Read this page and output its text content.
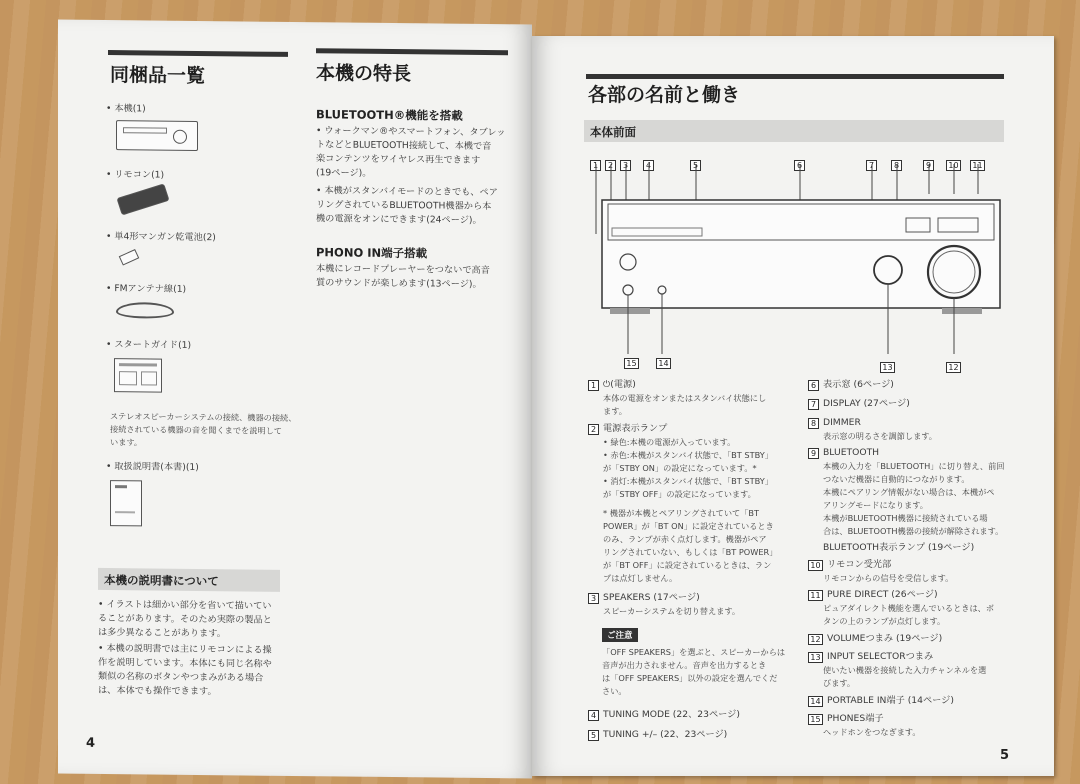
同梱品一覧
• 本機(1)
• リモコン(1)
• 単4形マンガン乾電池(2)
• FMアンテナ線(1)
• スタートガイド(1)
ステレオスピーカーシステムの接続、機器の接続、
接続されている機器の音を聞くまでを説明して
います。
• 取扱説明書(本書)(1)
本機の特長
BLUETOOTH®機能を搭載
• ウォークマン®やスマートフォン、タブレッ
トなどとBLUETOOTH接続して、本機で音
楽コンテンツをワイヤレス再生できます
(19ページ)。
• 本機がスタンバイモードのときでも、ペア
リングされているBLUETOOTH機器から本
機の電源をオンにできます(24ページ)。
PHONO IN端子搭載
本機にレコードプレーヤーをつないで高音
質のサウンドが楽しめます(13ページ)。
本機の説明書について
• イラストは細かい部分を省いて描いてい
ることがあります。そのため実際の製品と
は多少異なることがあります。
• 本機の説明書では主にリモコンによる操
作を説明しています。本体にも同じ名称や
類似の名称のボタンやつまみがある場合
は、本体でも操作できます。
4
各部の名前と働き
本体前面
1	2	3	4	5	6	7	8	9	10	11
15	14	13	12
1 ⏻(電源)
本体の電源をオンまたはスタンバイ状態にし
ます。
2 電源表示ランプ
• 緑色:本機の電源が入っています。
• 赤色:本機がスタンバイ状態で、「BT STBY」
が「STBY ON」の設定になっています。*
• 消灯:本機がスタンバイ状態で、「BT STBY」
が「STBY OFF」の設定になっています。
* 機器が本機とペアリングされていて「BT
POWER」が「BT ON」に設定されているとき
のみ、ランプが赤く点灯します。機器がペア
リングされていない、もしくは「BT POWER」
が「BT OFF」に設定されているときは、ラン
プは点灯しません。
3 SPEAKERS (17ページ)
スピーカーシステムを切り替えます。
ご注意
「OFF SPEAKERS」を選ぶと、スピーカーからは
音声が出力されません。音声を出力するとき
は「OFF SPEAKERS」以外の設定を選んでくだ
さい。
4 TUNING MODE (22、23ページ)
5 TUNING +/– (22、23ページ)
6 表示窓 (6ページ)
7 DISPLAY (27ページ)
8 DIMMER
表示窓の明るさを調節します。
9 BLUETOOTH
本機の入力を「BLUETOOTH」に切り替え、前回
つないだ機器に自動的につながります。
本機にペアリング情報がない場合は、本機がペ
アリングモードになります。
本機がBLUETOOTH機器に接続されている場
合は、BLUETOOTH機器の接続が解除されます。
BLUETOOTH表示ランプ (19ページ)
10 リモコン受光部
リモコンからの信号を受信します。
11 PURE DIRECT (26ページ)
ピュアダイレクト機能を選んでいるときは、ボ
タンの上のランプが点灯します。
12 VOLUMEつまみ (19ページ)
13 INPUT SELECTORつまみ
使いたい機器を接続した入力チャンネルを選
びます。
14 PORTABLE IN端子 (14ページ)
15 PHONES端子
ヘッドホンをつなぎます。
5
